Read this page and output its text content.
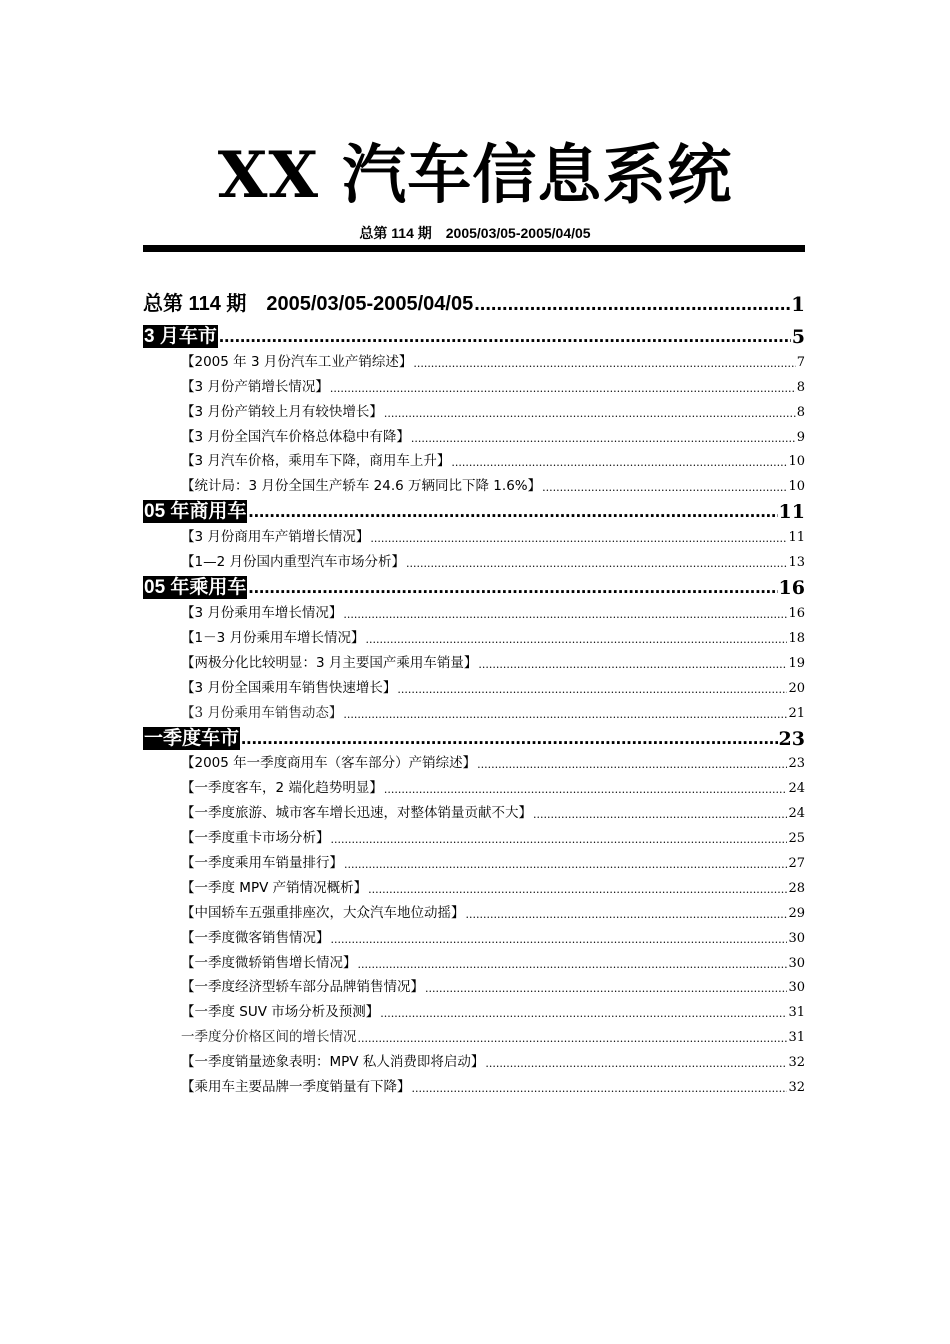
XX 汽车信息系统
总第 114 期　2005/03/05-2005/04/05
总第 114 期　2005/03/05-2005/04/05 .....	1
3 月车市 .....	5
【2005 年 3 月份汽车工业产销综述】 .....	7
【3 月份产销增长情况】 .....	8
【3 月份产销较上月有较快增长】 .....	8
【3 月份全国汽车价格总体稳中有降】 .....	9
【3 月汽车价格，乘用车下降，商用车上升】 .....	10
【统计局：3 月份全国生产轿车 24.6 万辆同比下降 1.6%】 .....	10
05 年商用车 .....	11
【3 月份商用车产销增长情况】 .....	11
【1—2 月份国内重型汽车市场分析】 .....	13
05 年乘用车 .....	16
【3 月份乘用车增长情况】 .....	16
【1－3 月份乘用车增长情况】 .....	18
【两极分化比较明显：3 月主要国产乘用车销量】 .....	19
【3 月份全国乘用车销售快速增长】 .....	20
【3 月份乘用车销售动态】 .....	21
一季度车市 .....	23
【2005 年一季度商用车（客车部分）产销综述】 .....	23
【一季度客车，2 端化趋势明显】 .....	24
【一季度旅游、城市客车增长迅速，对整体销量贡献不大】 .....	24
【一季度重卡市场分析】 .....	25
【一季度乘用车销量排行】 .....	27
【一季度 MPV 产销情况概析】 .....	28
【中国轿车五强重排座次，大众汽车地位动摇】 .....	29
【一季度微客销售情况】 .....	30
【一季度微轿销售增长情况】 .....	30
【一季度经济型轿车部分品牌销售情况】 .....	30
【一季度 SUV 市场分析及预测】 .....	31
一季度分价格区间的增长情况 .....	31
【一季度销量迹象表明：MPV 私人消费即将启动】 .....	32
【乘用车主要品牌一季度销量有下降】 .....	32
